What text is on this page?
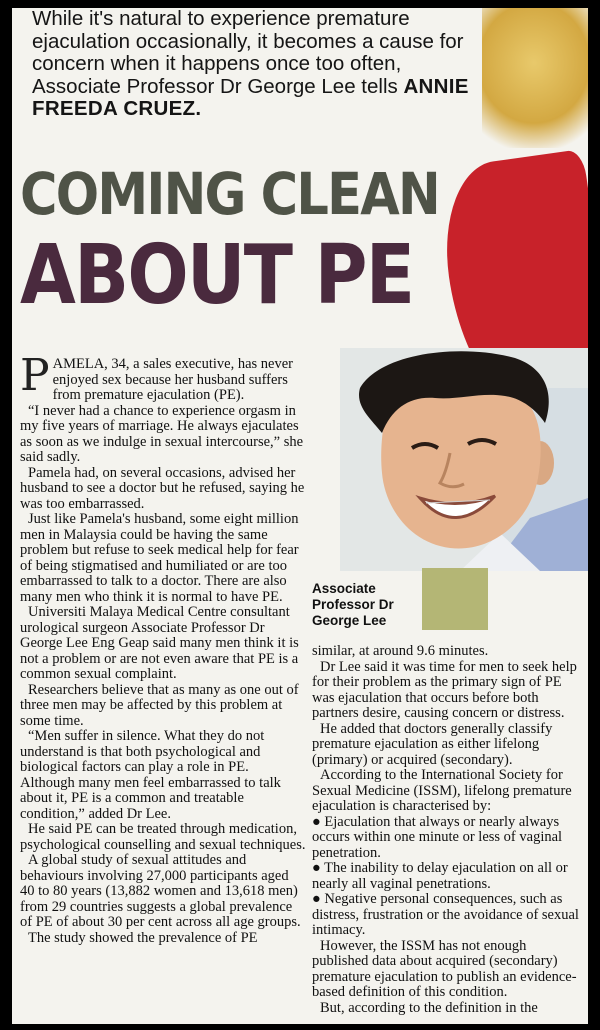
While it's natural to experience premature ejaculation occasionally, it becomes a cause for concern when it happens once too often, Associate Professor Dr George Lee tells ANNIE FREEDA CRUEZ.
COMING CLEAN
ABOUT PE
Associate Professor Dr George Lee

PAMELA, 34, a sales executive, has never enjoyed sex because her husband suffers from premature ejaculation (PE).

“I never had a chance to experience orgasm in my five years of marriage. He always ejaculates as soon as we indulge in sexual intercourse,” she said sadly.

Pamela had, on several occasions, advised her husband to see a doctor but he refused, saying he was too embarrassed.

Just like Pamela's husband, some eight million men in Malaysia could be having the same problem but refuse to seek medical help for fear of being stigmatised and humiliated or are too embarrassed to talk to a doctor. There are also many men who think it is normal to have PE.

Universiti Malaya Medical Centre consultant urological surgeon Associate Professor Dr George Lee Eng Geap said many men think it is not a problem or are not even aware that PE is a common sexual complaint.

Researchers believe that as many as one out of three men may be affected by this problem at some time.

“Men suffer in silence. What they do not understand is that both psychological and biological factors can play a role in PE. Although many men feel embarrassed to talk about it, PE is a common and treatable condition,” added Dr Lee.

He said PE can be treated through medication, psychological counselling and sexual techniques.

A global study of sexual attitudes and behaviours involving 27,000 participants aged 40 to 80 years (13,882 women and 13,618 men) from 29 countries suggests a global prevalence of PE of about 30 per cent across all age groups.

The study showed the prevalence of PE

similar, at around 9.6 minutes.

Dr Lee said it was time for men to seek help for their problem as the primary sign of PE was ejaculation that occurs before both partners desire, causing concern or distress.

He added that doctors generally classify premature ejaculation as either lifelong (primary) or acquired (secondary).

According to the International Society for Sexual Medicine (ISSM), lifelong premature ejaculation is characterised by:

● Ejaculation that always or nearly always occurs within one minute or less of vaginal penetration.

● The inability to delay ejaculation on all or nearly all vaginal penetrations.

● Negative personal consequences, such as distress, frustration or the avoidance of sexual intimacy.

However, the ISSM has not enough published data about acquired (secondary) premature ejaculation to publish an evidence-based definition of this condition.

But, according to the definition in the
